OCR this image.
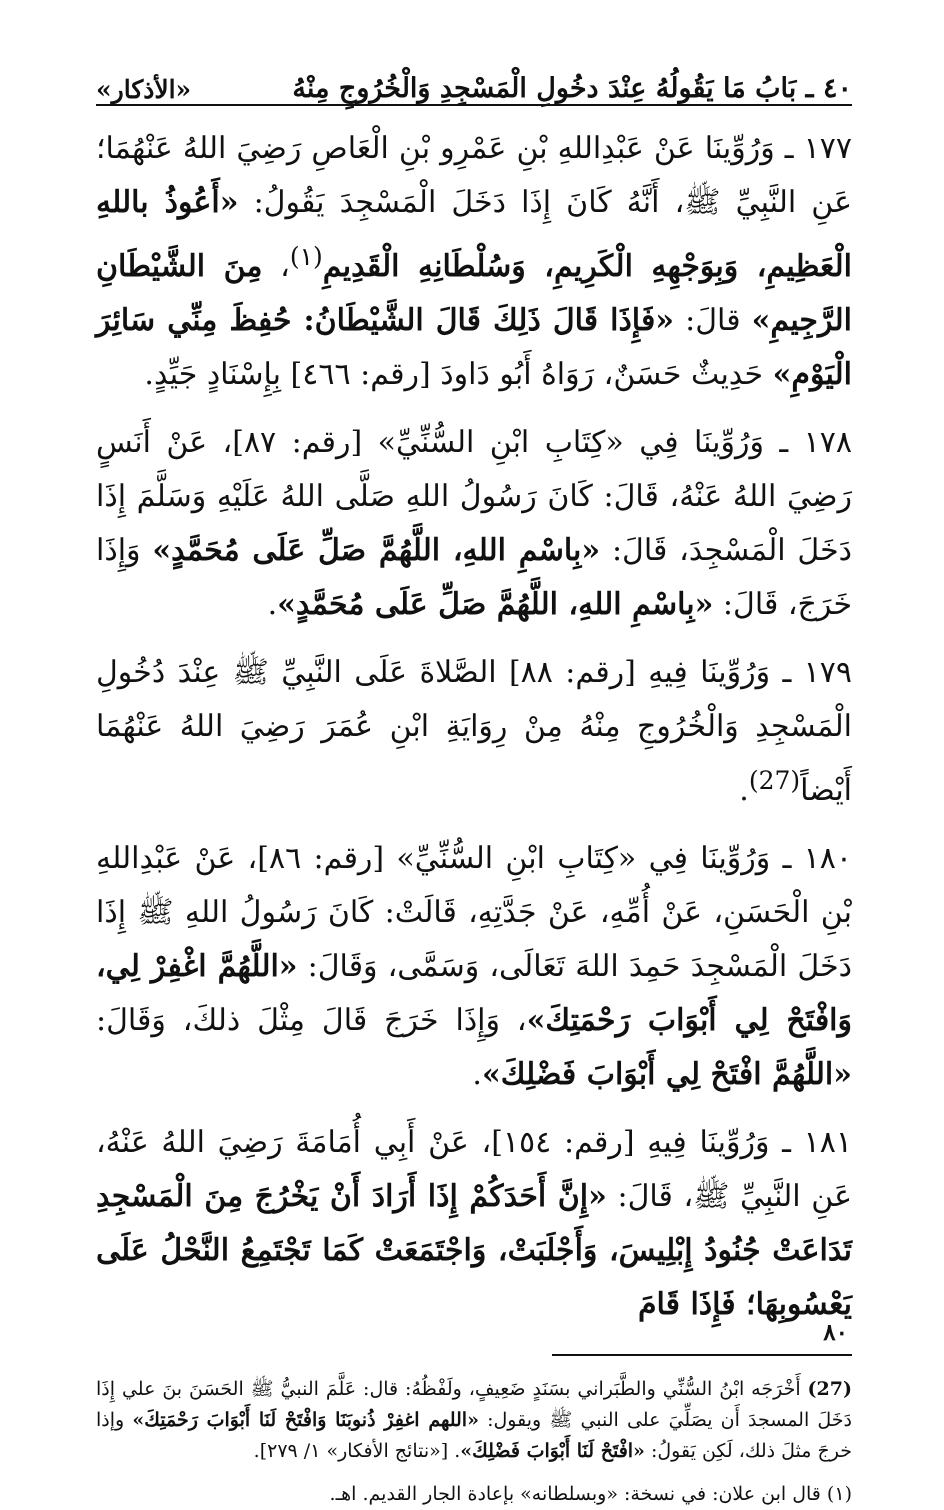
٤٠ ـ بَابُ مَا يَقُولُهُ عِنْدَ دخُولِ الْمَسْجِدِ وَالْخُرُوجِ مِنْهُ
«الأذكار»

١٧٧ ـ وَرُوِّينَا عَنْ عَبْدِاللهِ بْنِ عَمْرِو بْنِ الْعَاصِ رَضِيَ اللهُ عَنْهُمَا؛ عَنِ النَّبِيِّ ﷺ، أَنَّهُ كَانَ إِذَا دَخَلَ الْمَسْجِدَ يَقُولُ: «أَعُوذُ باللهِ الْعَظِيمِ، وَبِوَجْهِهِ الْكَرِيمِ، وَسُلْطَانِهِ الْقَدِيمِ$^{(١)}$، مِنَ الشَّيْطَانِ الرَّجِيمِ» قالَ: «فَإِذَا قَالَ ذَلِكَ قَالَ الشَّيْطَانُ: حُفِظَ مِنِّي سَائِرَ الْيَوْمِ» حَدِيثٌ حَسَنٌ، رَوَاهُ أَبُو دَاودَ [رقم: ٤٦٦] بِإِسْنَادٍ جَيِّدٍ.

١٧٨ ـ وَرُوِّينَا فِي «كِتَابِ ابْنِ السُّنِّيِّ» [رقم: ٨٧]، عَنْ أَنَسٍ رَضِيَ اللهُ عَنْهُ، قَالَ: كَانَ رَسُولُ اللهِ صَلَّى اللهُ عَلَيْهِ وَسَلَّمَ إِذَا دَخَلَ الْمَسْجِدَ، قَالَ: «بِاسْمِ اللهِ، اللَّهُمَّ صَلِّ عَلَى مُحَمَّدٍ» وَإِذَا خَرَجَ، قَالَ: «بِاسْمِ اللهِ، اللَّهُمَّ صَلِّ عَلَى مُحَمَّدٍ».

١٧٩ ـ وَرُوِّينَا فِيهِ [رقم: ٨٨] الصَّلاةَ عَلَى النَّبِيِّ ﷺ عِنْدَ دُخُولِ الْمَسْجِدِ وَالْخُرُوجِ مِنْهُ مِنْ رِوَايَةِ ابْنِ عُمَرَ رَضِيَ اللهُ عَنْهُمَا أَيْضاً$^{(27)}$.

١٨٠ ـ وَرُوِّينَا فِي «كِتَابِ ابْنِ السُّنِّيِّ» [رقم: ٨٦]، عَنْ عَبْدِاللهِ بْنِ الْحَسَنِ، عَنْ أُمِّهِ، عَنْ جَدَّتِهِ، قَالَتْ: كَانَ رَسُولُ اللهِ ﷺ إِذَا دَخَلَ الْمَسْجِدَ حَمِدَ اللهَ تَعَالَى، وَسَمَّى، وَقَالَ: «اللَّهُمَّ اغْفِرْ لِي، وَافْتَحْ لِي أَبْوَابَ رَحْمَتِكَ»، وَإِذَا خَرَجَ قَالَ مِثْلَ ذلكَ، وَقَالَ: «اللَّهُمَّ افْتَحْ لِي أَبْوَابَ فَضْلِكَ».

١٨١ ـ وَرُوِّينَا فِيهِ [رقم: ١٥٤]، عَنْ أَبِي أُمَامَةَ رَضِيَ اللهُ عَنْهُ، عَنِ النَّبِيِّ ﷺ، قَالَ: «إِنَّ أَحَدَكُمْ إِذَا أَرَادَ أَنْ يَخْرُجَ مِنَ الْمَسْجِدِ تَدَاعَتْ جُنُودُ إِبْلِيسَ، وَأَجْلَبَتْ، وَاجْتَمَعَتْ كَمَا تَجْتَمِعُ النَّحْلُ عَلَى يَعْسُوبِهَا؛ فَإِذَا قَامَ

(27) أَخْرَجَه ابْنُ السُّنِّي والطَّبَراني بسَنَدٍ ضَعِيفٍ، ولَفْظُهُ: قال: عَلَّمَ النبيُّ ﷺ الحَسَنَ بنَ علي إِذَا دَخَلَ المسجدَ أَن يصَلِّيَ على النبي ﷺ ويقول: «اللهم اغفِرْ ذُنوبَنَا وَافْتَحْ لَنَا أَبْوَابَ رَحْمَتِكَ» وإذا خرجَ مثلَ ذلك، لَكِن يَقولُ: «افْتَحْ لَنَا أَبْوَابَ فَضْلِكَ». [«نتائج الأفكار» ١/ ٢٧٩].

(١) قال ابن علان: في نسخة: «وبسلطانه» بإعادة الجار القديم. اهـ.

٨٠
